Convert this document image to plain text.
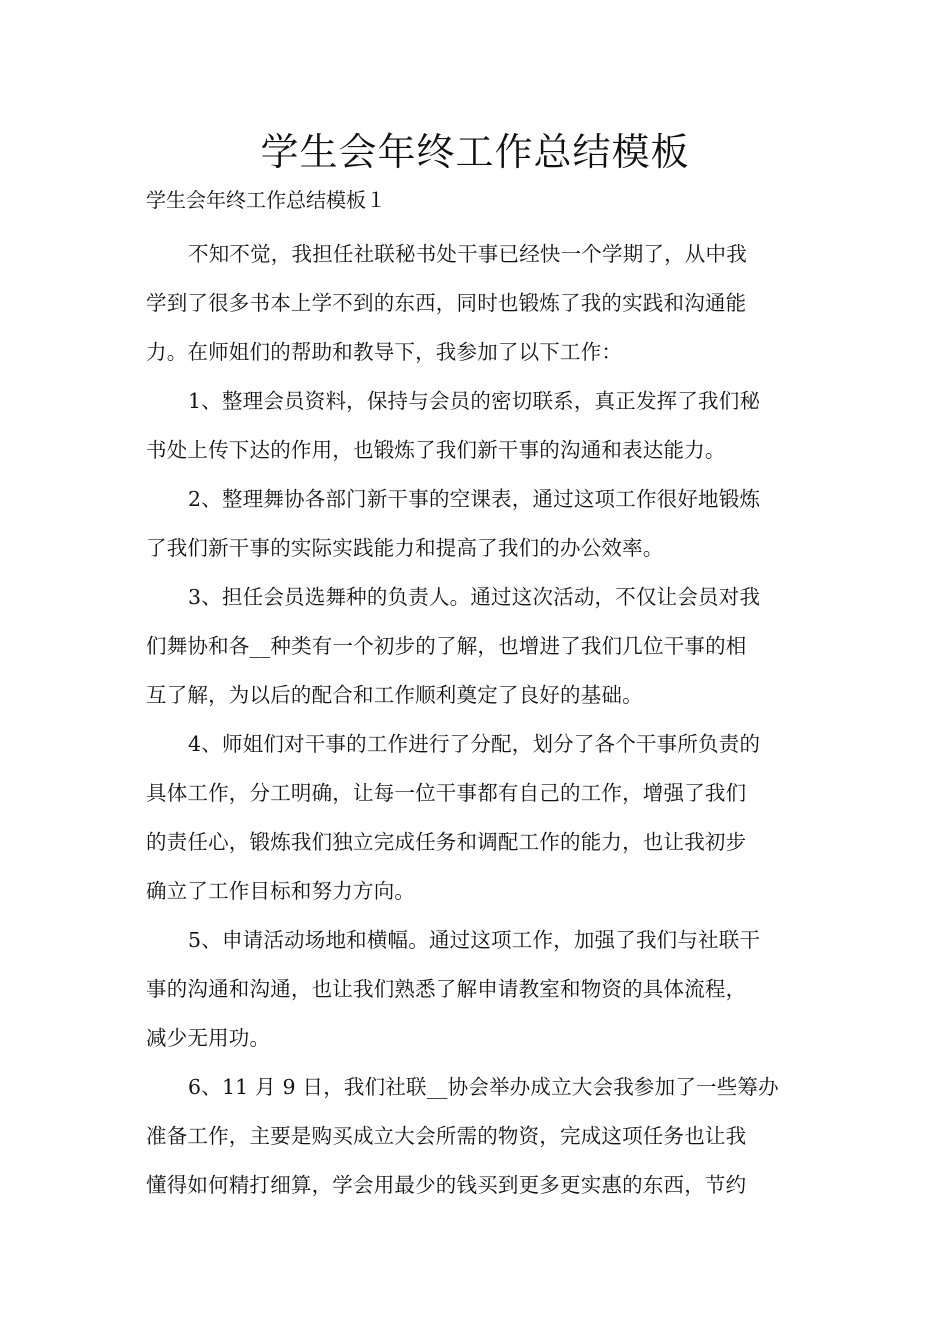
学生会年终工作总结模板

学生会年终工作总结模板１

不知不觉，我担任社联秘书处干事已经快一个学期了，从中我
学到了很多书本上学不到的东西，同时也锻炼了我的实践和沟通能
力。在师姐们的帮助和教导下，我参加了以下工作：
1、整理会员资料，保持与会员的密切联系，真正发挥了我们秘
书处上传下达的作用，也锻炼了我们新干事的沟通和表达能力。
2、整理舞协各部门新干事的空课表，通过这项工作很好地锻炼
了我们新干事的实际实践能力和提高了我们的办公效率。
3、担任会员选舞种的负责人。通过这次活动，不仅让会员对我
们舞协和各__种类有一个初步的了解，也增进了我们几位干事的相
互了解，为以后的配合和工作顺利奠定了良好的基础。
4、师姐们对干事的工作进行了分配，划分了各个干事所负责的
具体工作，分工明确，让每一位干事都有自己的工作，增强了我们
的责任心，锻炼我们独立完成任务和调配工作的能力，也让我初步
确立了工作目标和努力方向。
5、申请活动场地和横幅。通过这项工作，加强了我们与社联干
事的沟通和沟通，也让我们熟悉了解申请教室和物资的具体流程，
减少无用功。
6、11 月 9 日，我们社联__协会举办成立大会我参加了一些筹办
准备工作，主要是购买成立大会所需的物资，完成这项任务也让我
懂得如何精打细算，学会用最少的钱买到更多更实惠的东西，节约
